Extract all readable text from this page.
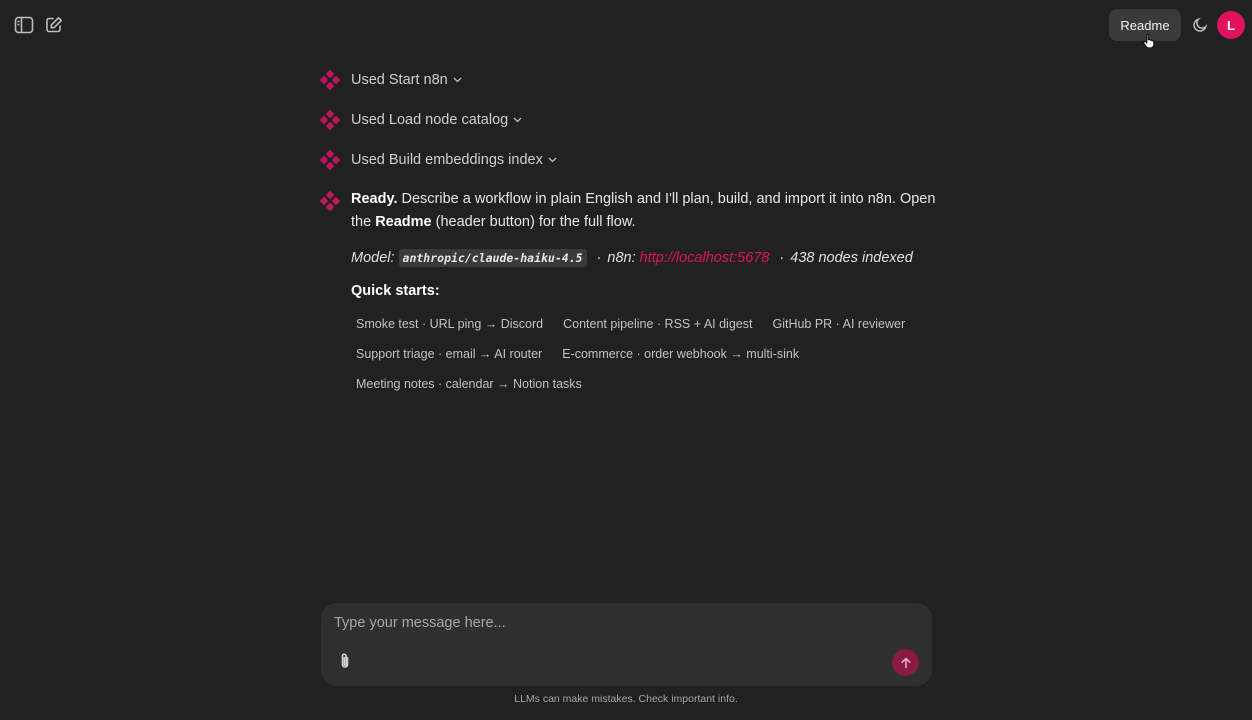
Readme	L
Used Start n8n
Used Load node catalog
Used Build embeddings index

Ready. Describe a workflow in plain English and I'll plan, build, and import it into n8n. Open the Readme (header button) for the full flow.

Model: anthropic/claude-haiku-4.5 · n8n: http://localhost:5678 · 438 nodes indexed
Quick starts:
Smoke test · URL ping → Discord	Content pipeline · RSS + AI digest	GitHub PR · AI reviewer
Support triage · email → AI router	E-commerce · order webhook → multi-sink
Meeting notes · calendar → Notion tasks
Type your message here...
LLMs can make mistakes. Check important info.
